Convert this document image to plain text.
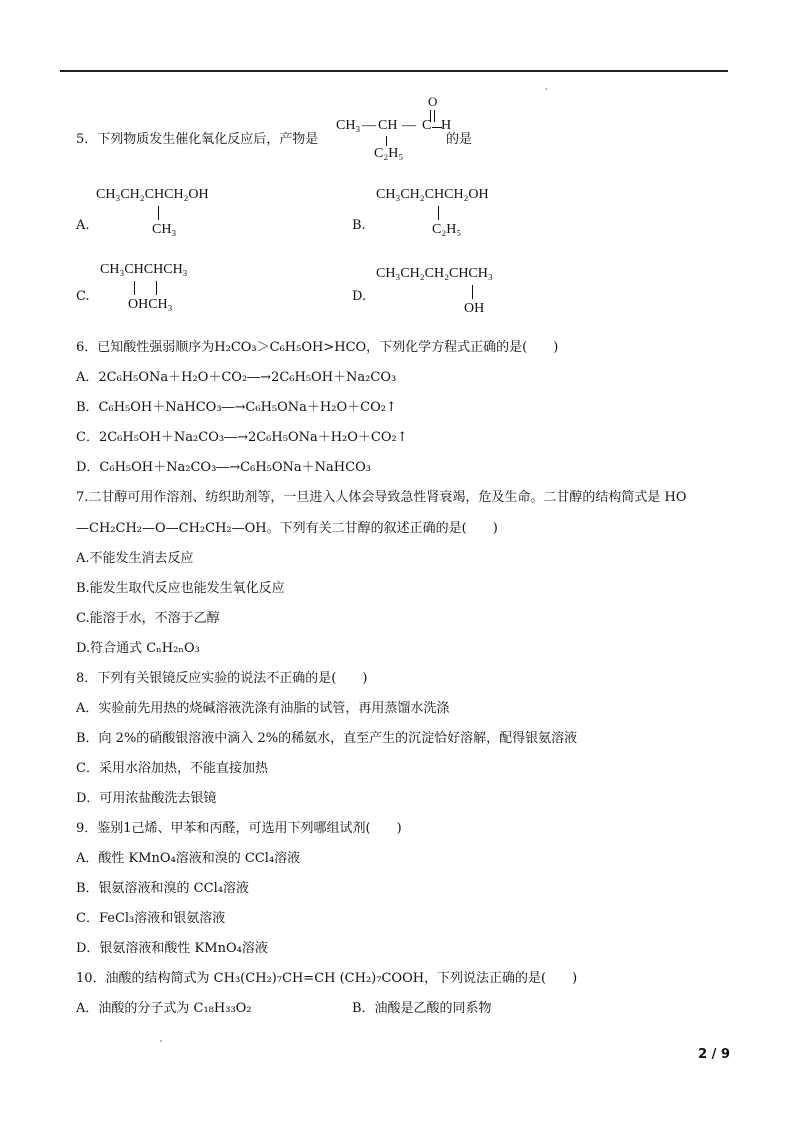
5．下列物质发生催化氧化反应后，产物是
O
CH₃ — CH — C H
C₂H₅
的是
A.
CH₃CH₂CHCH₂OH
CH₃	B.
CH₃CH₂CHCH₂OH
C₂H₅
C.
CH₃CHCHCH₃
OHCH₃
D.
CH₃CH₂CH₂CHCH₃
OH
6．已知酸性强弱顺序为H₂CO₃＞C₆H₅OH>HCO，下列化学方程式正确的是(　　)
A．2C₆H₅ONa＋H₂O＋CO₂―→2C₆H₅OH＋Na₂CO₃
B．C₆H₅OH＋NaHCO₃―→C₆H₅ONa＋H₂O＋CO₂↑
C．2C₆H₅OH＋Na₂CO₃―→2C₆H₅ONa＋H₂O＋CO₂↑
D．C₆H₅OH＋Na₂CO₃―→C₆H₅ONa＋NaHCO₃
7.二甘醇可用作溶剂、纺织助剂等，一旦进入人体会导致急性肾衰竭，危及生命。二甘醇的结构简式是 HO
—CH₂CH₂—O—CH₂CH₂—OH。下列有关二甘醇的叙述正确的是(　　)
A.不能发生消去反应
B.能发生取代反应也能发生氧化反应
C.能溶于水，不溶于乙醇
D.符合通式 CₙH₂ₙO₃
8．下列有关银镜反应实验的说法不正确的是(　　)
A．实验前先用热的烧碱溶液洗涤有油脂的试管，再用蒸馏水洗涤
B．向 2%的硝酸银溶液中滴入 2%的稀氨水，直至产生的沉淀恰好溶解，配得银氨溶液
C．采用水浴加热，不能直接加热
D．可用浓盐酸洗去银镜
9．鉴别1己烯、甲苯和丙醛，可选用下列哪组试剂(　　)
A．酸性 KMnO₄溶液和溴的 CCl₄溶液
B．银氨溶液和溴的 CCl₄溶液
C．FeCl₃溶液和银氨溶液
D．银氨溶液和酸性 KMnO₄溶液
10．油酸的结构简式为 CH₃(CH₂)₇CH=CH (CH₂)₇COOH，下列说法正确的是(　　)
A．油酸的分子式为 C₁₈H₃₃O₂	B．油酸是乙酸的同系物
2 / 9
